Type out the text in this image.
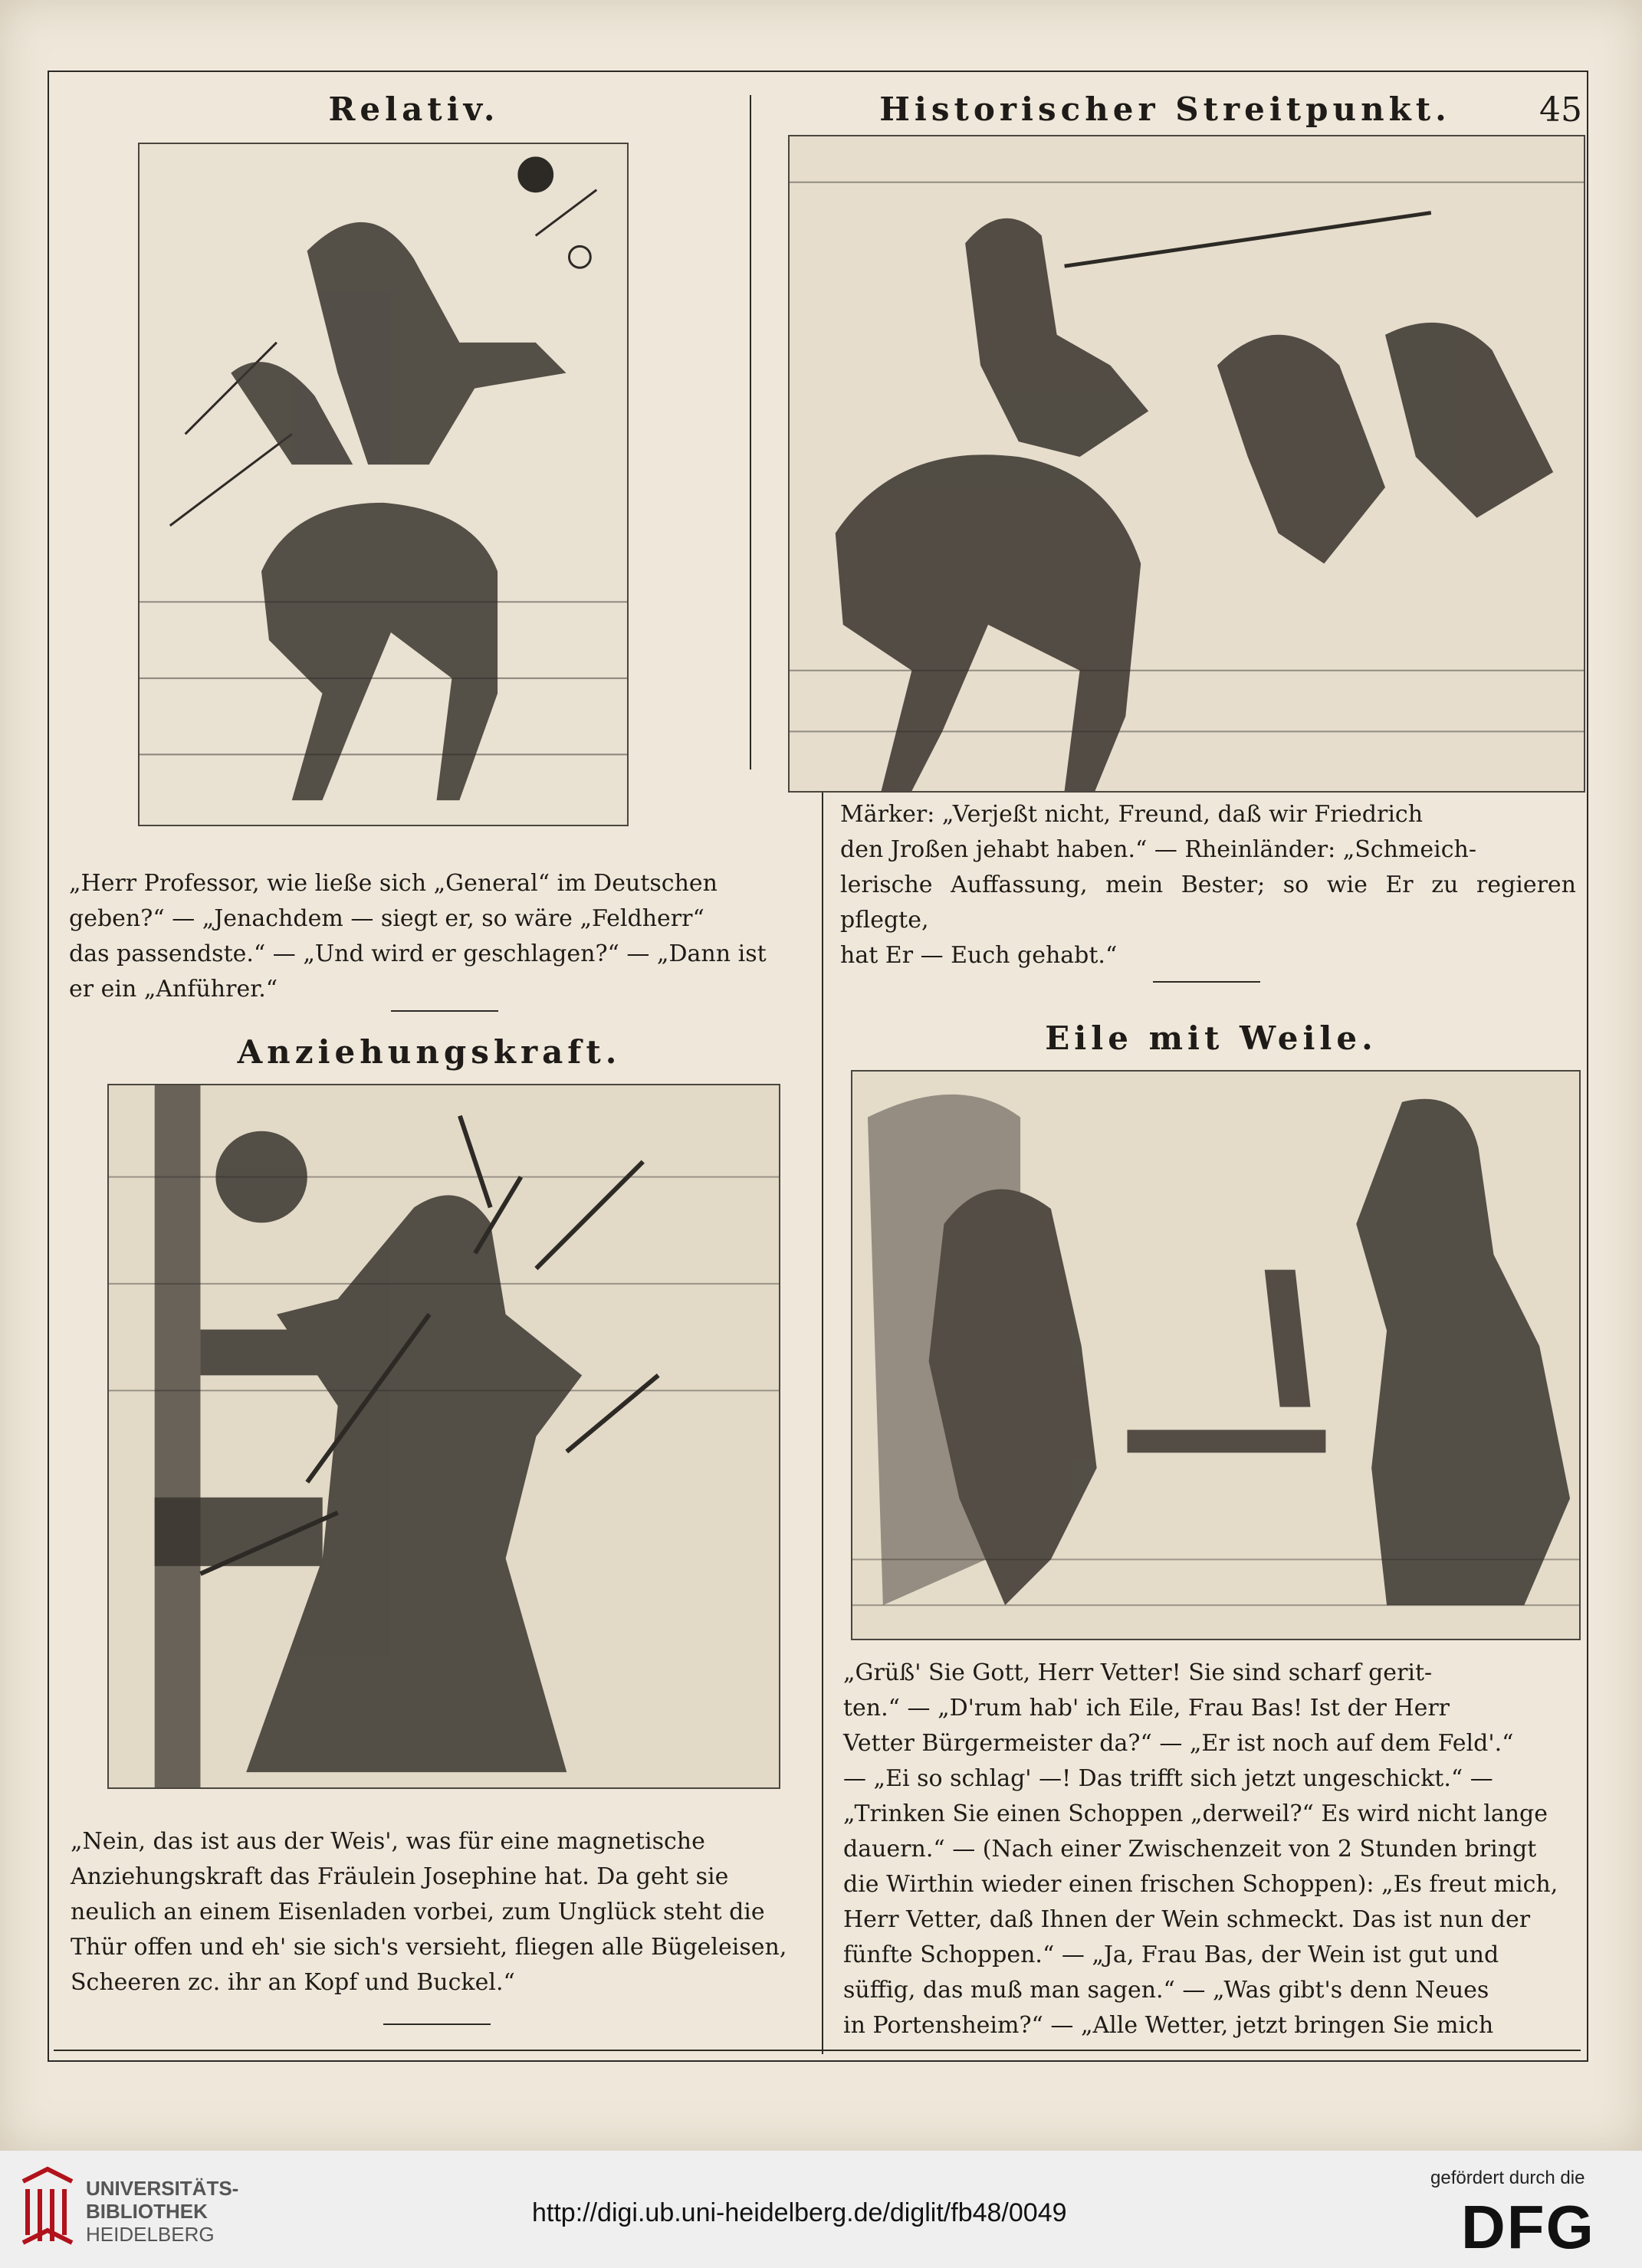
45
Relativ.
„Herr Professor, wie ließe sich „General“ im Deutschen
geben?“ — „Jenachdem — siegt er, so wäre „Feldherr“
das passendste.“ — „Und wird er geschlagen?“ — „Dann ist
er ein „Anführer.“
Historischer Streitpunkt.
Märker: „Verjeßt nicht, Freund, daß wir Friedrich
den Jroßen jehabt haben.“ — Rheinländer: „Schmeich-
lerische Auffassung, mein Bester; so wie Er zu regieren pflegte,
hat Er — Euch gehabt.“
Anziehungskraft.
„Nein, das ist aus der Weis', was für eine magnetische
Anziehungskraft das Fräulein Josephine hat. Da geht sie
neulich an einem Eisenladen vorbei, zum Unglück steht die
Thür offen und eh' sie sich's versieht, fliegen alle Bügeleisen,
Scheeren zc. ihr an Kopf und Buckel.“
Eile mit Weile.
„Grüß' Sie Gott, Herr Vetter! Sie sind scharf gerit-
ten.“ — „D'rum hab' ich Eile, Frau Bas! Ist der Herr
Vetter Bürgermeister da?“ — „Er ist noch auf dem Feld'.“
— „Ei so schlag' —! Das trifft sich jetzt ungeschickt.“ —
„Trinken Sie einen Schoppen „derweil?“ Es wird nicht lange
dauern.“ — (Nach einer Zwischenzeit von 2 Stunden bringt
die Wirthin wieder einen frischen Schoppen): „Es freut mich,
Herr Vetter, daß Ihnen der Wein schmeckt. Das ist nun der
fünfte Schoppen.“ — „Ja, Frau Bas, der Wein ist gut und
süffig, das muß man sagen.“ — „Was gibt's denn Neues
in Portensheim?“ — „Alle Wetter, jetzt bringen Sie mich
UNIVERSITÄTS-
BIBLIOTHEK
HEIDELBERG
http://digi.ub.uni-heidelberg.de/diglit/fb48/0049
gefördert durch die
DFG
